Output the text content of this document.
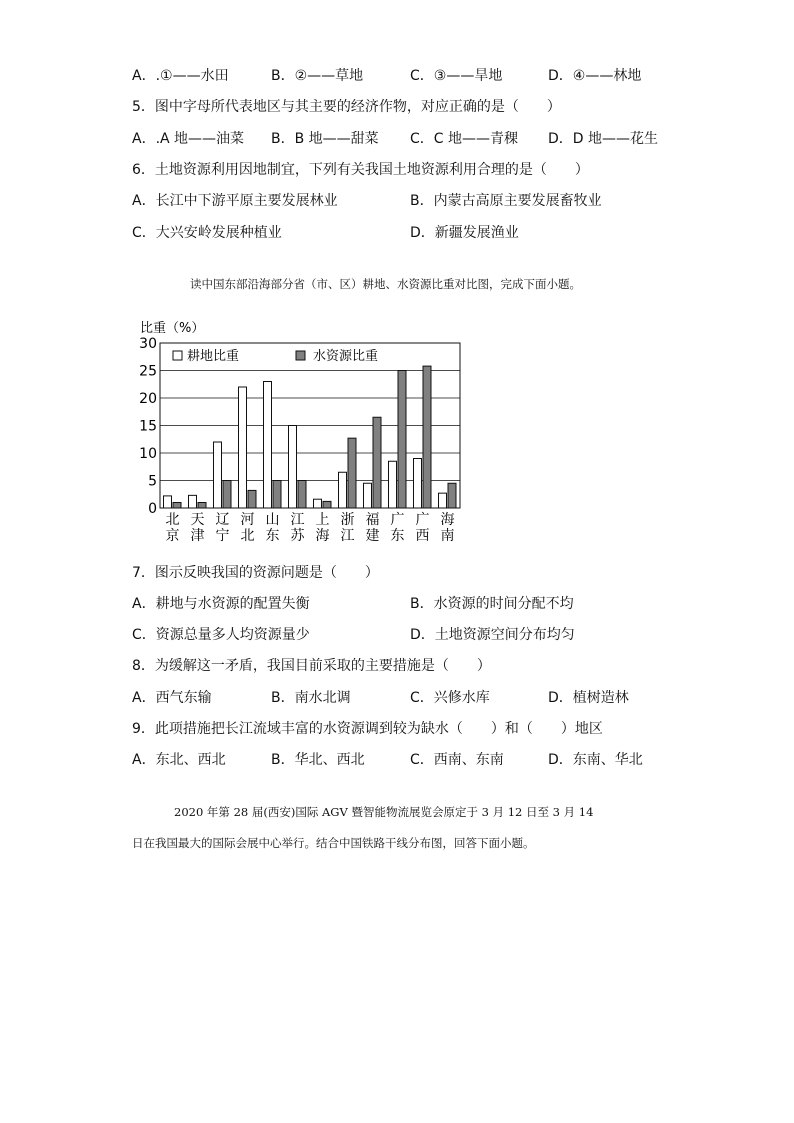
A．.①——水田	B．②——草地	C．③——旱地	D．④——林地
5．图中字母所代表地区与其主要的经济作物，对应正确的是（　　）
A．.A 地——油菜 B．B 地——甜菜 C．C 地——青稞 D．D 地——花生
6．土地资源利用因地制宜，下列有关我国土地资源利用合理的是（　　）
A．长江中下游平原主要发展林业	B．内蒙古高原主要发展畜牧业
C．大兴安岭发展种植业	D．新疆发展渔业
读中国东部沿海部分省（市、区）耕地、水资源比重对比图，完成下面小题。
比重（%）
0
5
10
15
20
25
30
北京
天津
辽宁
河北
山东
江苏
上海
浙江
福建
广东
广西
海南
耕地比重	水资源比重
7．图示反映我国的资源问题是（　　）
A．耕地与水资源的配置失衡	B．水资源的时间分配不均
C．资源总量多人均资源量少	D．土地资源空间分布均匀
8．为缓解这一矛盾，我国目前采取的主要措施是（　　）
A．西气东输	B．南水北调	C．兴修水库	D．植树造林
9．此项措施把长江流域丰富的水资源调到较为缺水（　　）和（　　）地区
A．东北、西北	B．华北、西北	C．西南、东南	D．东南、华北
2020 年第 28 届(西安)国际 AGV 暨智能物流展览会原定于 3 月 12 日至 3 月 14
日在我国最大的国际会展中心举行。结合中国铁路干线分布图，回答下面小题。
